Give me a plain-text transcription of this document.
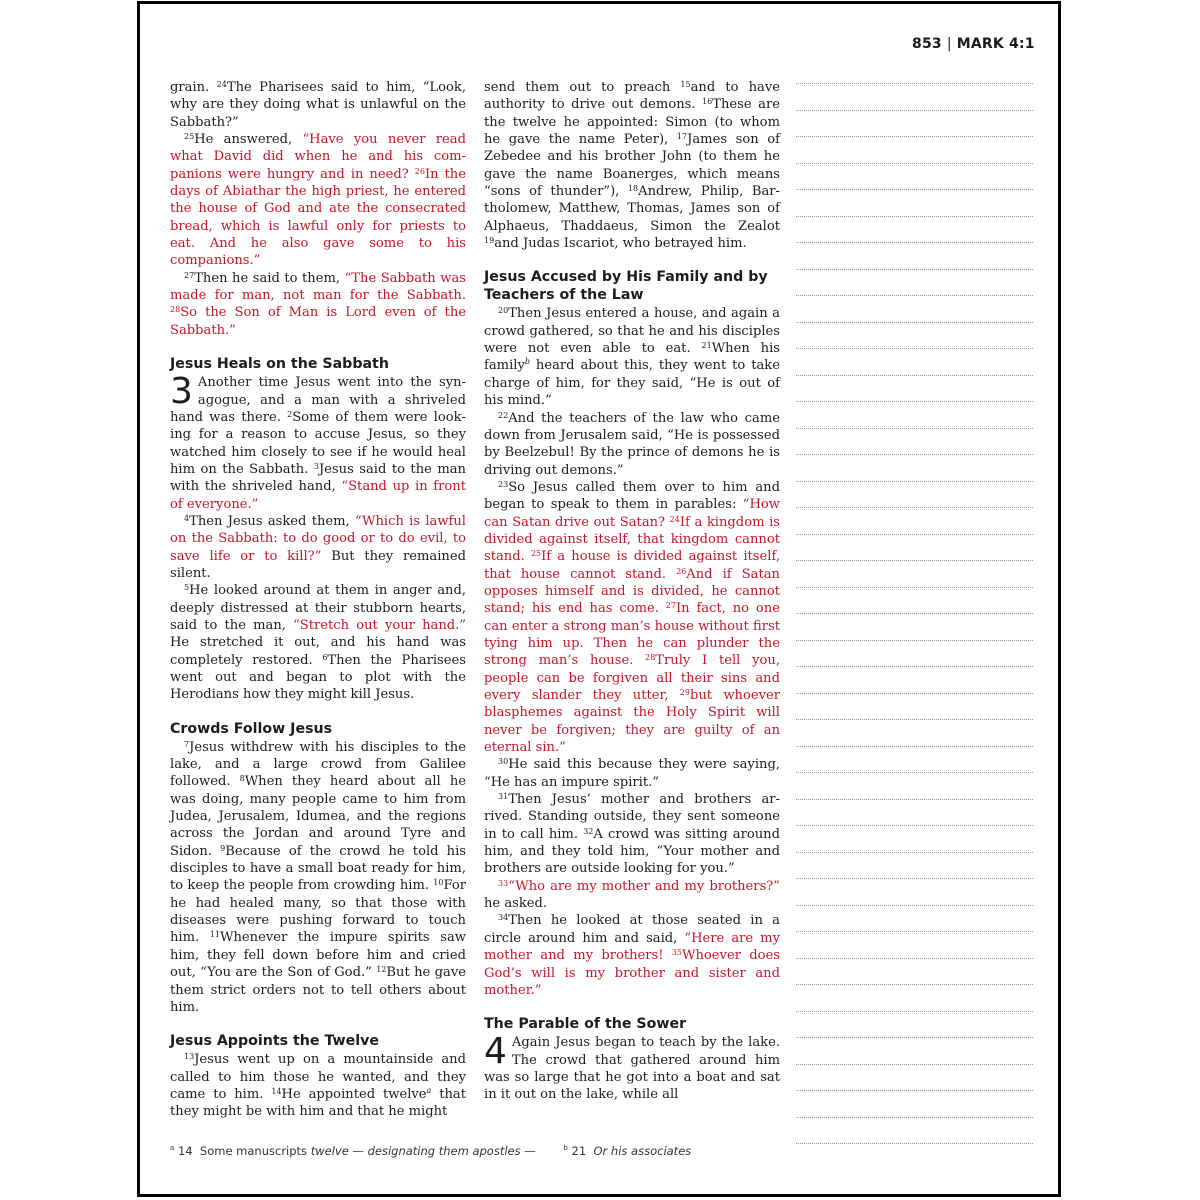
853 | MARK 4:1

grain. $^{24}$The Pharisees said to him, “Look, why are they doing what is unlawful on the Sabbath?”

$^{25}$He answered, “Have you never read what David did when he and his companions were hungry and in need? $^{26}$In the days of Abiathar the high priest, he entered the house of God and ate the consecrated bread, which is lawful only for priests to eat. And he also gave some to his companions.”

$^{27}$Then he said to them, “The Sabbath was made for man, not man for the Sabbath. $^{28}$So the Son of Man is Lord even of the Sabbath.”

Jesus Heals on the Sabbath

3 Another time Jesus went into the synagogue, and a man with a shriveled hand was there. $^2$Some of them were looking for a reason to accuse Jesus, so they watched him closely to see if he would heal him on the Sabbath. $^3$Jesus said to the man with the shriveled hand, “Stand up in front of everyone.”

$^4$Then Jesus asked them, “Which is lawful on the Sabbath: to do good or to do evil, to save life or to kill?” But they remained silent.

$^5$He looked around at them in anger and, deeply distressed at their stubborn hearts, said to the man, “Stretch out your hand.” He stretched it out, and his hand was completely restored. $^6$Then the Pharisees went out and began to plot with the Herodians how they might kill Jesus.

Crowds Follow Jesus

$^7$Jesus withdrew with his disciples to the lake, and a large crowd from Galilee followed. $^8$When they heard about all he was doing, many people came to him from Judea, Jerusalem, Idumea, and the regions across the Jordan and around Tyre and Sidon. $^9$Because of the crowd he told his disciples to have a small boat ready for him, to keep the people from crowding him. $^{10}$For he had healed many, so that those with diseases were pushing forward to touch him. $^{11}$Whenever the impure spirits saw him, they fell down before him and cried out, “You are the Son of God.” $^{12}$But he gave them strict orders not to tell others about him.

Jesus Appoints the Twelve

$^{13}$Jesus went up on a mountainside and called to him those he wanted, and they came to him. $^{14}$He appointed twelve$^a$ that they might be with him and that he might

send them out to preach $^{15}$and to have authority to drive out demons. $^{16}$These are the twelve he appointed: Simon (to whom he gave the name Peter), $^{17}$James son of Zebedee and his brother John (to them he gave the name Boanerges, which means “sons of thunder”), $^{18}$Andrew, Philip, Bartholomew, Matthew, Thomas, James son of Alphaeus, Thaddaeus, Simon the Zealot $^{19}$and Judas Iscariot, who betrayed him.

Jesus Accused by His Family and by Teachers of the Law

$^{20}$Then Jesus entered a house, and again a crowd gathered, so that he and his disciples were not even able to eat. $^{21}$When his family$^b$ heard about this, they went to take charge of him, for they said, “He is out of his mind.”

$^{22}$And the teachers of the law who came down from Jerusalem said, “He is possessed by Beelzebul! By the prince of demons he is driving out demons.”

$^{23}$So Jesus called them over to him and began to speak to them in parables: “How can Satan drive out Satan? $^{24}$If a kingdom is divided against itself, that kingdom cannot stand. $^{25}$If a house is divided against itself, that house cannot stand. $^{26}$And if Satan opposes himself and is divided, he cannot stand; his end has come. $^{27}$In fact, no one can enter a strong man’s house without first tying him up. Then he can plunder the strong man’s house. $^{28}$Truly I tell you, people can be forgiven all their sins and every slander they utter, $^{29}$but whoever blasphemes against the Holy Spirit will never be forgiven; they are guilty of an eternal sin.”

$^{30}$He said this because they were saying, “He has an impure spirit.”

$^{31}$Then Jesus’ mother and brothers arrived. Standing outside, they sent someone in to call him. $^{32}$A crowd was sitting around him, and they told him, “Your mother and brothers are outside looking for you.”

$^{33}$“Who are my mother and my brothers?” he asked.

$^{34}$Then he looked at those seated in a circle around him and said, “Here are my mother and my brothers! $^{35}$Whoever does God’s will is my brother and sister and mother.”

The Parable of the Sower

4 Again Jesus began to teach by the lake. The crowd that gathered around him was so large that he got into a boat and sat in it out on the lake, while all

$^a$ 14 Some manuscripts twelve — designating them apostles —	$^b$ 21 Or his associates
